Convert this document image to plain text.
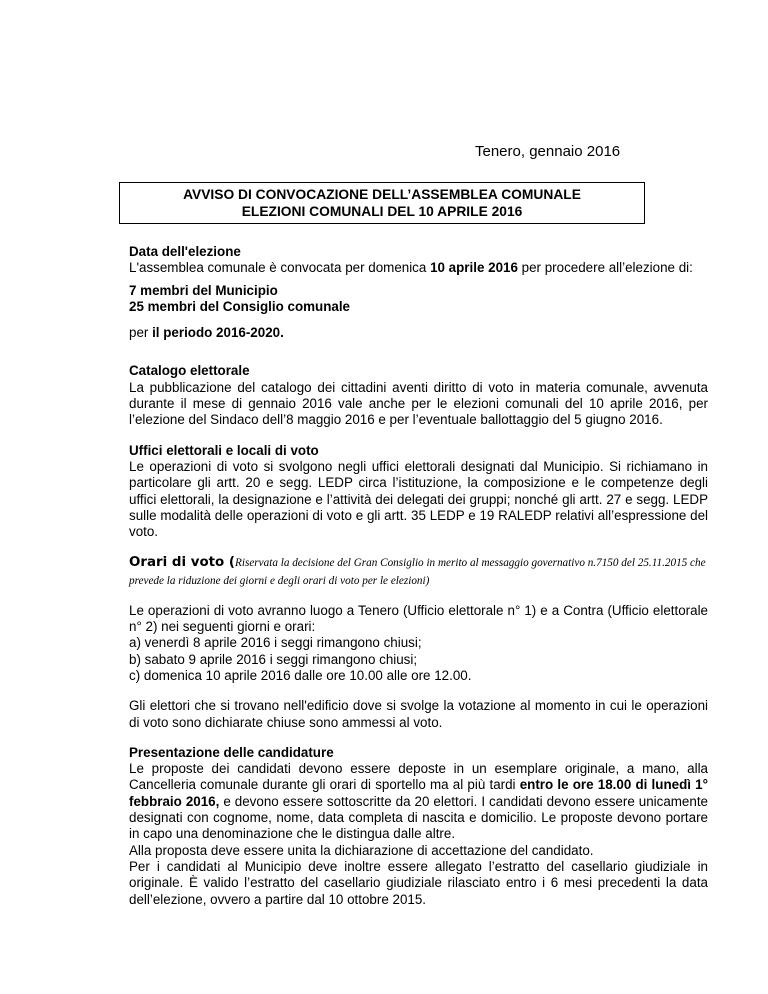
Tenero, gennaio 2016
AVVISO DI CONVOCAZIONE DELL’ASSEMBLEA COMUNALE
ELEZIONI COMUNALI DEL 10 APRILE 2016
Data dell'elezione

L'assemblea comunale è convocata per domenica 10 aprile 2016 per procedere all’elezione di:

7 membri del Municipio
25 membri del Consiglio comunale

per il periodo 2016-2020.

Catalogo elettorale

La pubblicazione del catalogo dei cittadini aventi diritto di voto in materia comunale, avvenuta durante il mese di gennaio 2016 vale anche per le elezioni comunali del 10 aprile 2016, per l’elezione del Sindaco dell’8 maggio 2016 e per l’eventuale ballottaggio del 5 giugno 2016.

Uffici elettorali e locali di voto

Le operazioni di voto si svolgono negli uffici elettorali designati dal Municipio. Si richiamano in particolare gli artt. 20 e segg. LEDP circa l’istituzione, la composizione e le competenze degli uffici elettorali, la designazione e l’attività dei delegati dei gruppi; nonché gli artt. 27 e segg. LEDP sulle modalità delle operazioni di voto e gli artt. 35 LEDP e 19 RALEDP relativi all’espressione del voto.

Orari di voto (Riservata la decisione del Gran Consiglio in merito al messaggio governativo n.7150 del 25.11.2015 che prevede la riduzione dei giorni e degli orari di voto per le elezioni)

Le operazioni di voto avranno luogo a Tenero (Ufficio elettorale n° 1) e a Contra (Ufficio elettorale n° 2) nei seguenti giorni e orari:

a) venerdì 8 aprile 2016 i seggi rimangono chiusi;
b) sabato 9 aprile 2016 i seggi rimangono chiusi;
c) domenica 10 aprile 2016 dalle ore 10.00 alle ore 12.00.

Gli elettori che si trovano nell'edificio dove si svolge la votazione al momento in cui le operazioni di voto sono dichiarate chiuse sono ammessi al voto.

Presentazione delle candidature

Le proposte dei candidati devono essere deposte in un esemplare originale, a mano, alla Cancelleria comunale durante gli orari di sportello ma al più tardi entro le ore 18.00 di lunedì 1° febbraio 2016, e devono essere sottoscritte da 20 elettori. I candidati devono essere unicamente designati con cognome, nome, data completa di nascita e domicilio. Le proposte devono portare in capo una denominazione che le distingua dalle altre.

Alla proposta deve essere unita la dichiarazione di accettazione del candidato.

Per i candidati al Municipio deve inoltre essere allegato l’estratto del casellario giudiziale in originale. È valido l’estratto del casellario giudiziale rilasciato entro i 6 mesi precedenti la data dell’elezione, ovvero a partire dal 10 ottobre 2015.
